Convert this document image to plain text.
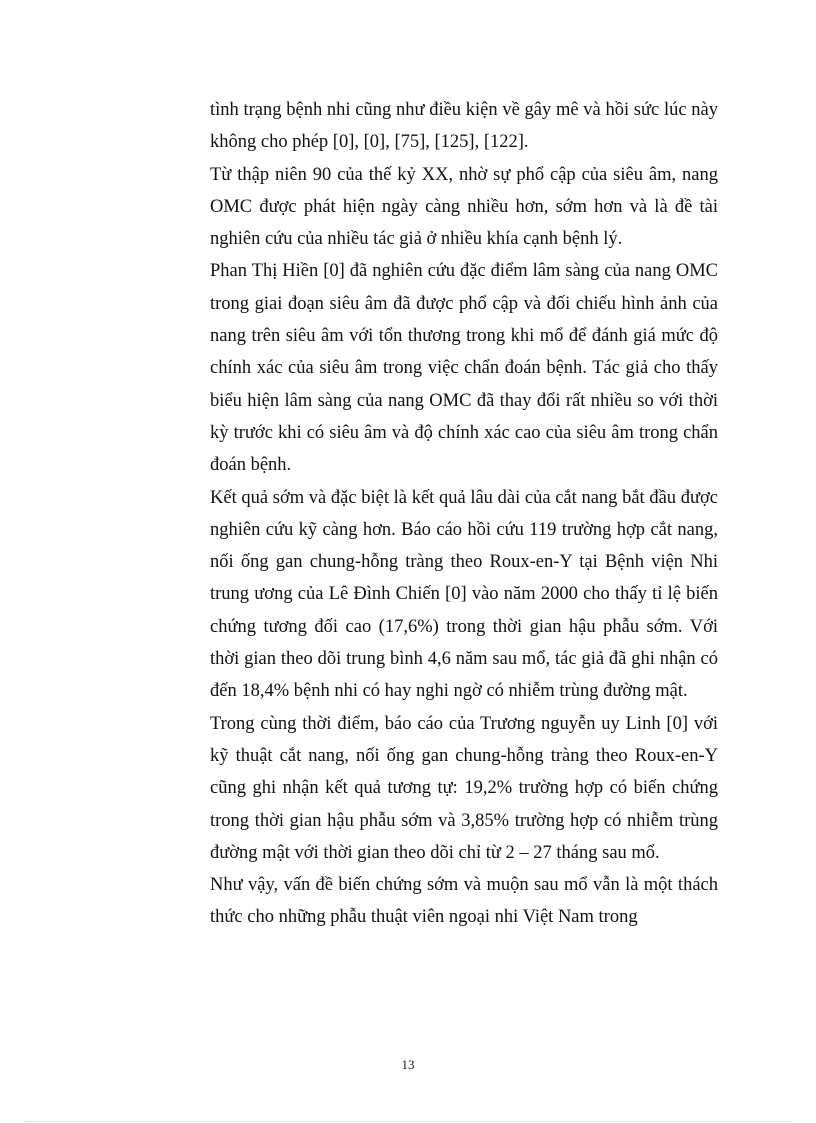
tình trạng bệnh nhi cũng như điều kiện về gây mê và hồi sức lúc này không cho phép [0], [0], [75], [125], [122].

Từ thập niên 90 của thế kỷ XX, nhờ sự phổ cập của siêu âm, nang OMC được phát hiện ngày càng nhiều hơn, sớm hơn và là đề tài nghiên cứu của nhiều tác giả ở nhiều khía cạnh bệnh lý.

Phan Thị Hiền [0] đã nghiên cứu đặc điểm lâm sàng của nang OMC trong giai đoạn siêu âm đã được phổ cập và đối chiếu hình ảnh của nang trên siêu âm với tổn thương trong khi mổ để đánh giá mức độ chính xác của siêu âm trong việc chẩn đoán bệnh. Tác giả cho thấy biểu hiện lâm sàng của nang OMC đã thay đổi rất nhiều so với thời kỳ trước khi có siêu âm và độ chính xác cao của siêu âm trong chẩn đoán bệnh.

Kết quả sớm và đặc biệt là kết quả lâu dài của cắt nang bắt đầu được nghiên cứu kỹ càng hơn. Báo cáo hồi cứu 119 trường hợp cắt nang, nối ống gan chung-hỗng tràng theo Roux-en-Y tại Bệnh viện Nhi trung ương của Lê Đình Chiến [0] vào năm 2000 cho thấy tỉ lệ biến chứng tương đối cao (17,6%) trong thời gian hậu phẫu sớm. Với thời gian theo dõi trung bình 4,6 năm sau mổ, tác giả đã ghi nhận có đến 18,4% bệnh nhi có hay nghi ngờ có nhiễm trùng đường mật.

Trong cùng thời điểm, báo cáo của Trương nguyễn uy Linh [0] với kỹ thuật cắt nang, nối ống gan chung-hỗng tràng theo Roux-en-Y cũng ghi nhận kết quả tương tự: 19,2% trường hợp có biến chứng trong thời gian hậu phẫu sớm và 3,85% trường hợp có nhiễm trùng đường mật với thời gian theo dõi chỉ từ 2 – 27 tháng sau mổ.

Như vậy, vấn đề biến chứng sớm và muộn sau mổ vẫn là một thách thức cho những phẫu thuật viên ngoại nhi Việt Nam trong

13
